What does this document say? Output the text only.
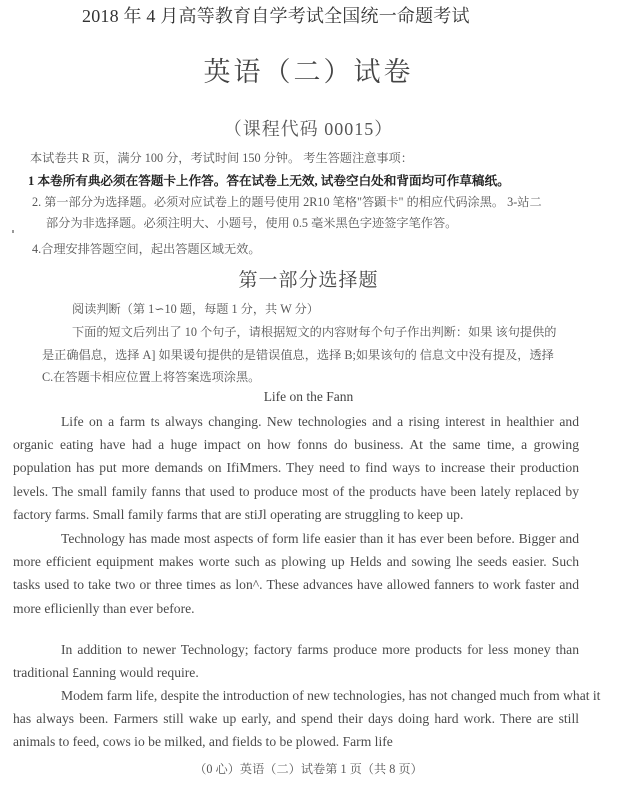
2018 年 4 月高等教育自学考试全国统一命题考试
英语（二）试卷
（课程代码 00015）
本试卷共 R 页，满分 100 分，考试时间 150 分钟。 考生答题注意事项：
1 本卷所有典必须在答题卡上作答。答在试卷上无效, 试卷空白处和背面均可作草稿纸。
2. 第一部分为选择题。必须对应试卷上的题号使用 2R10 笔格"答顕卡" 的相应代码涂黑。 3-站二
部分为非选择题。必须注明大、小题号，使用 0.5 毫米黑色字迹签字笔作答。
4.合理安排答题空间，起出答题区域无效。
第一部分选择题
阅读判断（第 1∽10 题，每题 1 分，共 W 分）
下面的短文后列出了 10 个句子，请根据短文的内容财每个句子作出判断：如果 该句提供的
是正确倡息，选择 A] 如果谖句提供的是错误值息，选择 B;如果该句的 信息文中没有提及，透择
C.在答题卡相应位置上将答案选项涂黑。
Life on the Fann
Life on a farm ts always changing. New technologies and a rising interest in healthier and
organic eating have had a huge impact on how fonns do business. At the same time, a growing
population has put more demands on IfiMmers. They need to find ways to increase their production
levels. The small family fanns that used to produce most of the products have been lately replaced by
factory farms. Small family farms that are stiJl operating are struggling to keep up.
Technology has made most aspects of form life easier than it has ever been before. Bigger and
more efficient equipment makes worte such as plowing up Helds and sowing lhe seeds easier. Such
tasks used to take two or three times as lon^. These advances have allowed fanners to work faster and
more eflicienlly than ever before.
In addition to newer Technology; factory farms produce more products for less money than
traditional £anning would require.
Modem farm life, despite the introduction of new technologies, has not changed much from what it
has always been. Farmers still wake up early, and spend their days doing hard work. There are still
animals to feed, cows io be milked, and fields to be plowed. Farm life
（0 心）英语（二）试卷第 1 页（共 8 页）
